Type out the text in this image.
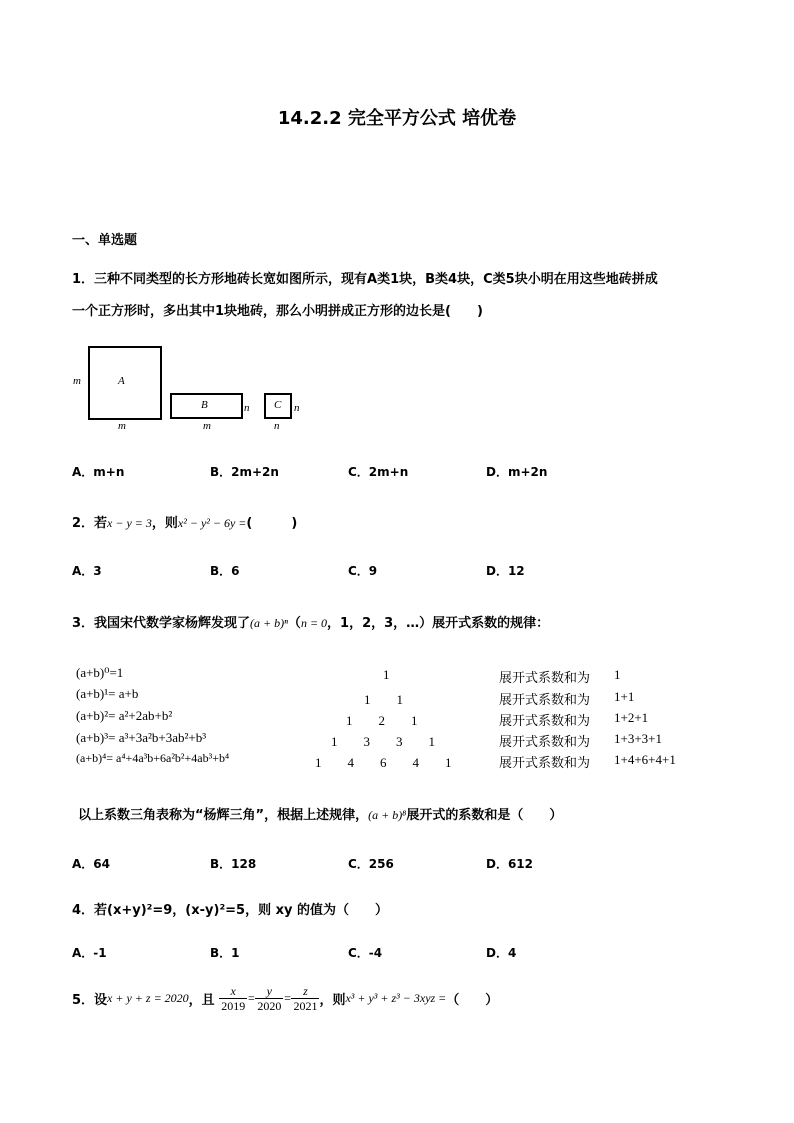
14.2.2 完全平方公式 培优卷
一、单选题
1．三种不同类型的长方形地砖长宽如图所示，现有A类1块，B类4块，C类5块小明在用这些地砖拼成
一个正方形时，多出其中1块地砖，那么小明拼成正方形的边长是(　　)
A
m
m
B	n
m
C n
n
A．m+n	B．2m+2n	C．2m+n	D．m+2n
2．若x − y = 3，则x² − y² − 6y =(　　　)
A．3	B．6	C．9	D．12
3．我国宋代数学家杨辉发现了(a + b)ⁿ（n = 0，1，2，3，…）展开式系数的规律：
(a+b)⁰=1	1	展开式系数和为 1
(a+b)¹= a+b	1　　1	展开式系数和为 1+1
(a+b)²= a²+2ab+b²	1　　2　　1	展开式系数和为 1+2+1
(a+b)³= a³+3a²b+3ab²+b³	1　　3　　3　　1	展开式系数和为 1+3+3+1
(a+b)⁴= a⁴+4a³b+6a²b²+4ab³+b⁴	1　　4　　6　　4　　1	展开式系数和为 1+4+6+4+1
以上系数三角表称为“杨辉三角”，根据上述规律，(a + b)⁸展开式的系数和是（　　）
A．64	B．128	C．256	D．612
4．若(x+y)²=9，(x-y)²=5，则 xy 的值为（　　）
A．-1	B．1	C．-4	D．4
5．设x + y + z = 2020，且 $\frac{x}{2019} = \frac{y}{2020} = \frac{z}{2021}$ ，则x³ + y³ + z³ − 3xyz =（　　）
